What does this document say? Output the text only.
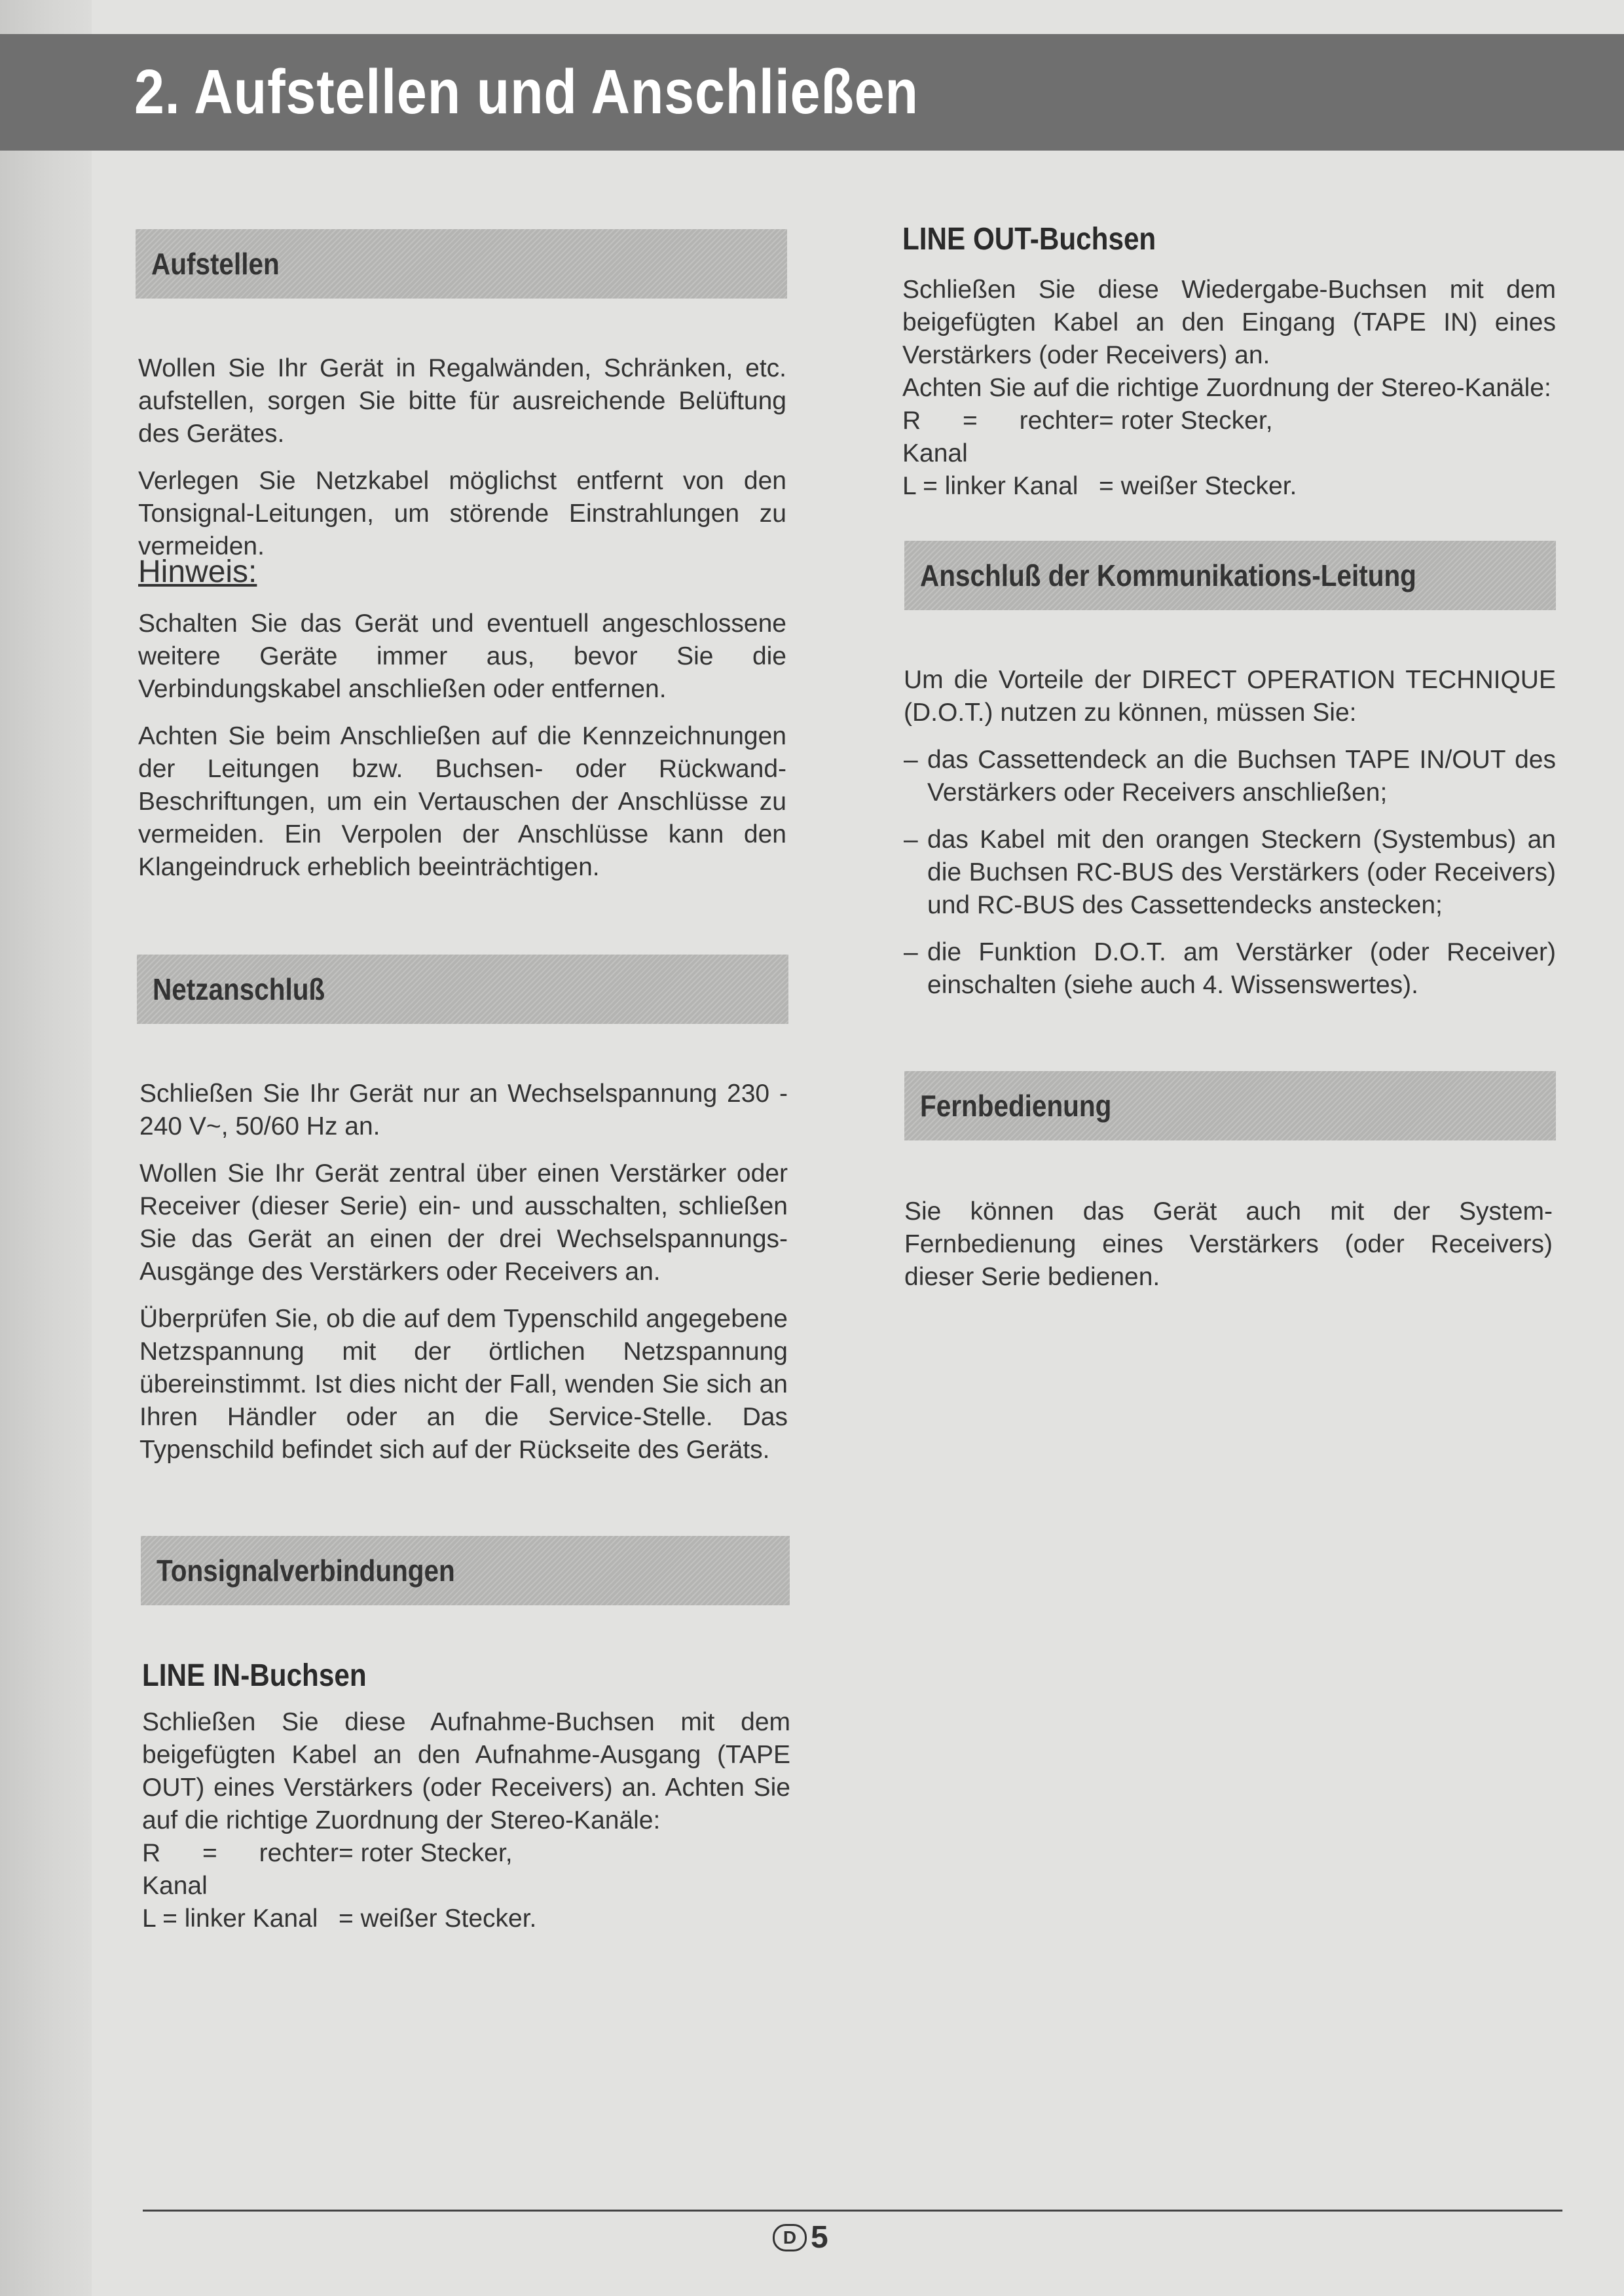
2. Aufstellen und Anschließen
Aufstellen

Wollen Sie Ihr Gerät in Regalwänden, Schränken, etc. aufstellen, sorgen Sie bitte für ausreichende Belüftung des Gerätes.

Verlegen Sie Netzkabel möglichst entfernt von den Tonsignal-Leitungen, um störende Einstrahlungen zu vermeiden.

Hinweis:

Schalten Sie das Gerät und eventuell angeschlossene weitere Geräte immer aus, bevor Sie die Verbindungskabel anschließen oder entfernen.

Achten Sie beim Anschließen auf die Kennzeichnungen der Leitungen bzw. Buchsen- oder Rückwand-Beschriftungen, um ein Vertauschen der Anschlüsse zu vermeiden. Ein Verpolen der Anschlüsse kann den Klangeindruck erheblich beeinträchtigen.

Netzanschluß

Schließen Sie Ihr Gerät nur an Wechselspannung 230 - 240 V~, 50/60 Hz an.

Wollen Sie Ihr Gerät zentral über einen Verstärker oder Receiver (dieser Serie) ein- und ausschalten, schließen Sie das Gerät an einen der drei Wechselspannungs-Ausgänge des Verstärkers oder Receivers an.

Überprüfen Sie, ob die auf dem Typenschild angegebene Netzspannung mit der örtlichen Netzspannung übereinstimmt. Ist dies nicht der Fall, wenden Sie sich an Ihren Händler oder an die Service-Stelle. Das Typenschild befindet sich auf der Rückseite des Geräts.

Tonsignalverbindungen
LINE IN-Buchsen
Schließen Sie diese Aufnahme-Buchsen mit dem beigefügten Kabel an den Aufnahme-Ausgang (TAPE OUT) eines Verstärkers (oder Receivers) an. Achten Sie auf die richtige Zuordnung der Stereo-Kanäle:
R = rechter Kanal
= roter Stecker,
L = linker Kanal = weißer Stecker.
LINE OUT-Buchsen
Schließen Sie diese Wiedergabe-Buchsen mit dem beigefügten Kabel an den Eingang (TAPE IN) eines Verstärkers (oder Receivers) an.
Achten Sie auf die richtige Zuordnung der Stereo-Kanäle:
R = rechter Kanal
= roter Stecker,
L = linker Kanal = weißer Stecker.
Anschluß der Kommunikations-Leitung

Um die Vorteile der DIRECT OPERATION TECHNIQUE (D.O.T.) nutzen zu können, müssen Sie:

– das Cassettendeck an die Buchsen TAPE IN/OUT des Verstärkers oder Receivers anschließen;
– das Kabel mit den orangen Steckern (Systembus) an die Buchsen RC-BUS des Verstärkers (oder Receivers) und RC-BUS des Cassettendecks anstecken;
– die Funktion D.O.T. am Verstärker (oder Receiver) einschalten (siehe auch 4. Wissenswertes).
Fernbedienung

Sie können das Gerät auch mit der System-Fernbedienung eines Verstärkers (oder Receivers) dieser Serie bedienen.

D 5
